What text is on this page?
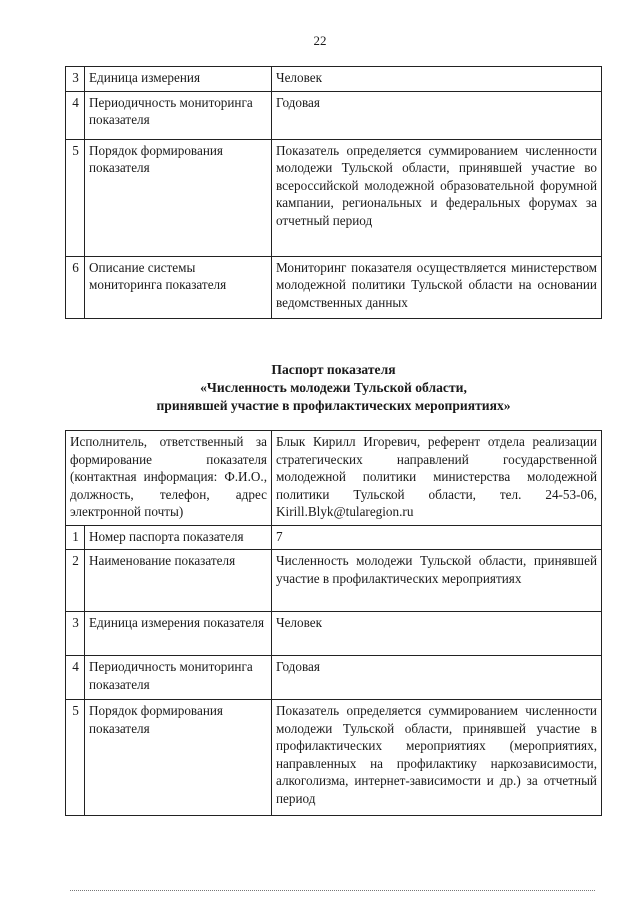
22
3	Единица измерения	Человек
4	Периодичность мониторинга показателя	Годовая
5	Порядок формирования показателя	Показатель определяется суммированием численности молодежи Тульской области, принявшей участие во всероссийской молодежной образовательной форумной кампании, региональных и федеральных форумах за отчетный период
6	Описание системы мониторинга показателя	Мониторинг показателя осуществляется министерством молодежной политики Тульской области на основании ведомственных данных
Паспорт показателя
«Численность молодежи Тульской области,
принявшей участие в профилактических мероприятиях»
Исполнитель, ответственный за формирование показателя (контактная информация: Ф.И.О., должность, телефон, адрес электронной почты)		Блык Кирилл Игоревич, референт отдела реализации стратегических направлений государственной молодежной политики министерства молодежной политики Тульской области, тел. 24-53-06, Kirill.Blyk@tularegion.ru
1	Номер паспорта показателя	7
2	Наименование показателя	Численность молодежи Тульской области, принявшей участие в профилактических мероприятиях
3	Единица измерения показателя	Человек
4	Периодичность мониторинга показателя	Годовая
5	Порядок формирования показателя	Показатель определяется суммированием численности молодежи Тульской области, принявшей участие в профилактических мероприятиях (мероприятиях, направленных на профилактику наркозависимости, алкоголизма, интернет-зависимости и др.) за отчетный период
